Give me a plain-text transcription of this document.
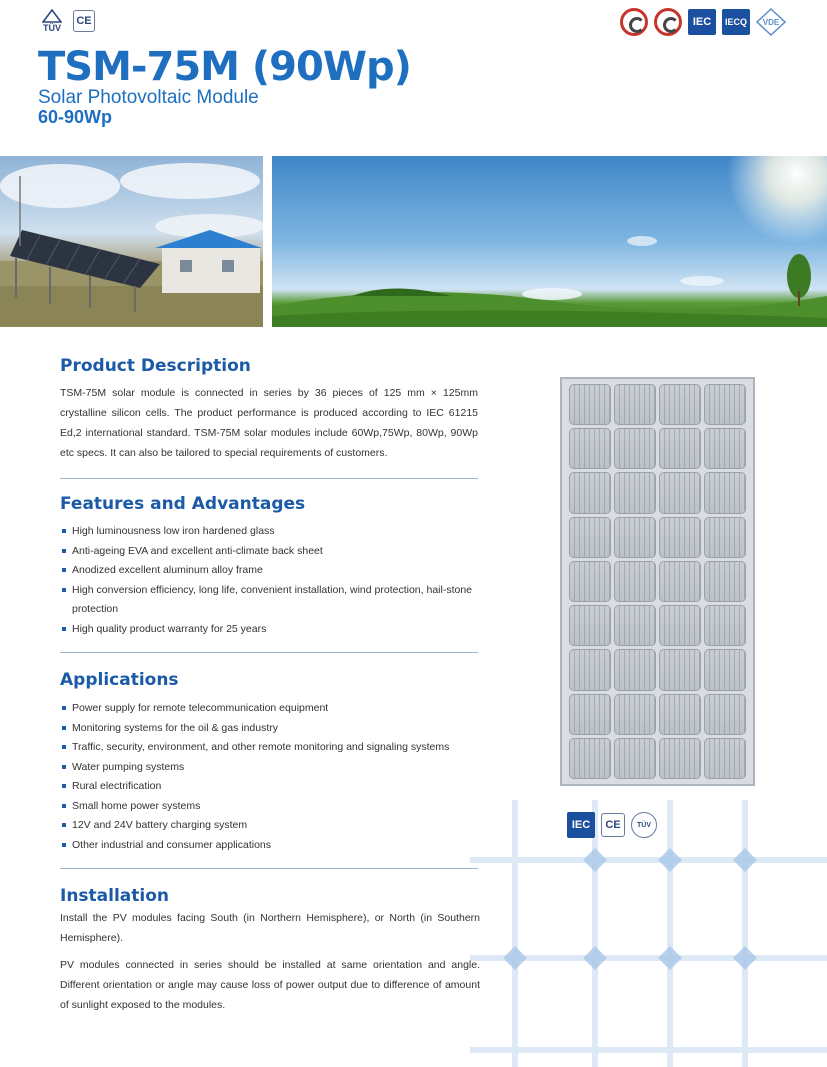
TÜV
CE	IEC	IECQ	VDE
TSM-75M (90Wp)
Solar Photovoltaic Module
60-90Wp
Product Description
TSM-75M solar module is connected in series by 36 pieces of 125 mm × 125mm crystalline silicon cells. The product performance is produced according to IEC 61215 Ed,2 international standard. TSM-75M solar modules include 60Wp,75Wp, 80Wp, 90Wp etc specs. It can also be tailored to special requirements of customers.
Features and Advantages
High luminousness low iron hardened glass
Anti-ageing EVA and excellent anti-climate back sheet
Anodized excellent aluminum alloy frame
High conversion efficiency, long life, convenient installation, wind protection, hail-stone protection
High quality product warranty for 25 years
Applications
Power supply for remote telecommunication equipment
Monitoring systems for the oil & gas industry
Traffic, security, environment, and other remote monitoring and signaling systems
Water pumping systems
Rural electrification
Small home power systems
12V and 24V battery charging system
Other industrial and consumer applications
Installation
Install the PV modules facing South (in Northern Hemisphere), or North (in Southern Hemisphere).
PV modules connected in series should be installed at same orientation and angle. Different orientation or angle may cause loss of power output due to difference of amount of sunlight exposed to the modules.
IEC	CE	TÜV
